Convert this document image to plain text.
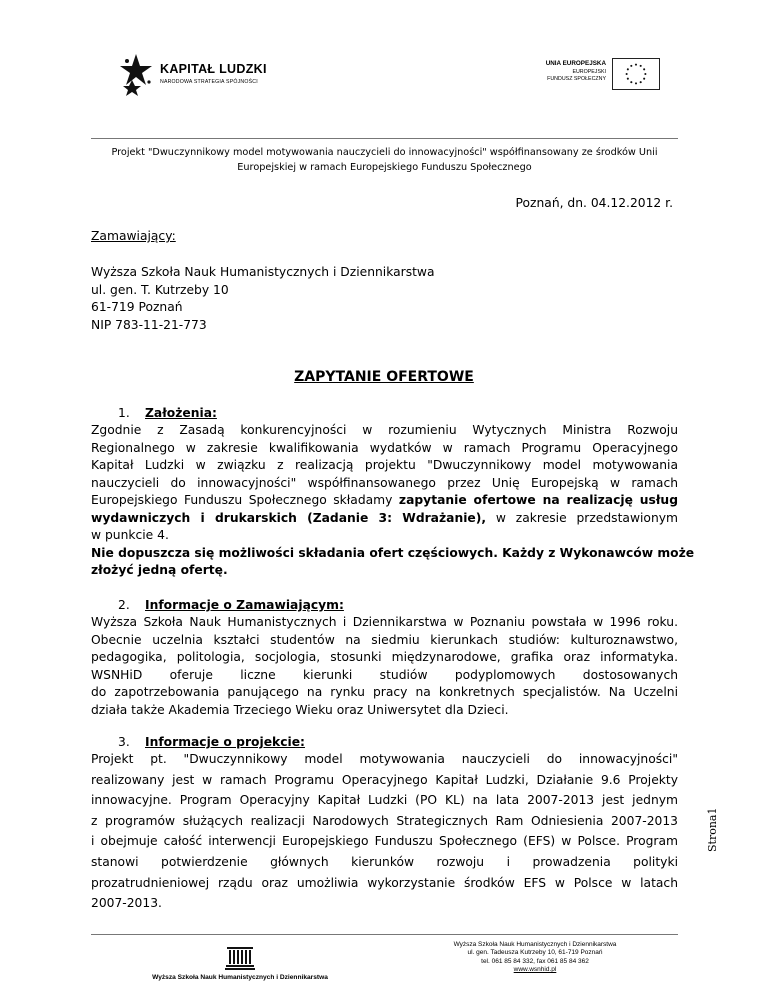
KAPITAŁ LUDZKI
NARODOWA STRATEGIA SPÓJNOŚCI
UNIA EUROPEJSKA
EUROPEJSKI
FUNDUSZ SPOŁECZNY
Projekt "Dwuczynnikowy model motywowania nauczycieli do innowacyjności" współfinansowany ze środków Unii
Europejskiej w ramach Europejskiego Funduszu Społecznego
Poznań, dn. 04.12.2012 r.
Zamawiający:
Wyższa Szkoła Nauk Humanistycznych i Dziennikarstwa
ul. gen. T. Kutrzeby 10
61-719 Poznań
NIP 783-11-21-773
ZAPYTANIE OFERTOWE
1. Założenia:
Zgodnie z Zasadą konkurencyjności w rozumieniu Wytycznych Ministra Rozwoju
Regionalnego w zakresie kwalifikowania wydatków w ramach Programu Operacyjnego
Kapitał Ludzki w związku z realizacją projektu "Dwuczynnikowy model motywowania
nauczycieli do innowacyjności" współfinansowanego przez Unię Europejską w ramach
Europejskiego Funduszu Społecznego składamy zapytanie ofertowe na realizację usług
wydawniczych i drukarskich (Zadanie 3: Wdrażanie), w zakresie przedstawionym
w punkcie 4.
Nie dopuszcza się możliwości składania ofert częściowych. Każdy z Wykonawców może
złożyć jedną ofertę.
2. Informacje o Zamawiającym:
Wyższa Szkoła Nauk Humanistycznych i Dziennikarstwa w Poznaniu powstała w 1996 roku.
Obecnie uczelnia kształci studentów na siedmiu kierunkach studiów: kulturoznawstwo,
pedagogika, politologia, socjologia, stosunki międzynarodowe, grafika oraz informatyka.
WSNHiD oferuje liczne kierunki studiów podyplomowych dostosowanych
do zapotrzebowania panującego na rynku pracy na konkretnych specjalistów. Na Uczelni
działa także Akademia Trzeciego Wieku oraz Uniwersytet dla Dzieci.
3. Informacje o projekcie:
Projekt pt. "Dwuczynnikowy model motywowania nauczycieli do innowacyjności"
realizowany jest w ramach Programu Operacyjnego Kapitał Ludzki, Działanie 9.6 Projekty
innowacyjne. Program Operacyjny Kapitał Ludzki (PO KL) na lata 2007-2013 jest jednym
z programów służących realizacji Narodowych Strategicznych Ram Odniesienia 2007-2013
i obejmuje całość interwencji Europejskiego Funduszu Społecznego (EFS) w Polsce. Program
stanowi potwierdzenie głównych kierunków rozwoju i prowadzenia polityki
prozatrudnieniowej rządu oraz umożliwia wykorzystanie środków EFS w Polsce w latach
2007-2013.
Strona1
Wyższa Szkoła Nauk Humanistycznych i Dziennikarstwa
Wyższa Szkoła Nauk Humanistycznych i Dziennikarstwa
ul. gen. Tadeusza Kutrzeby 10, 61-719 Poznań
tel. 061 85 84 332, fax 061 85 84 362
www.wsnhid.pl
